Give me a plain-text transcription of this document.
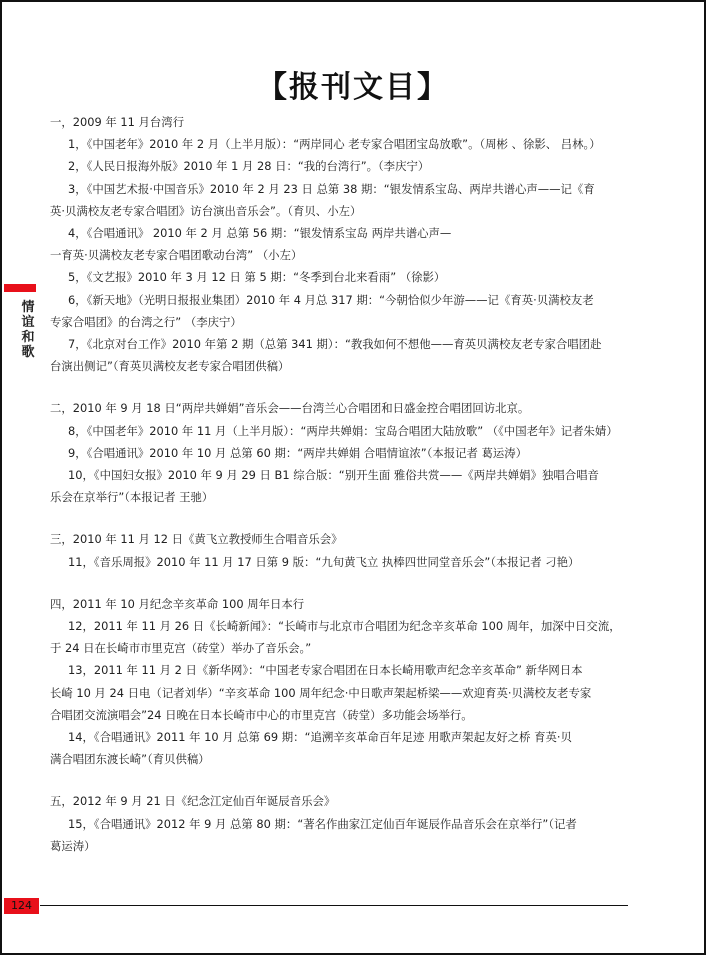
【报刊文目】
情谊和歌
一，2009 年 11 月台湾行
1，《中国老年》2010 年 2 月（上半月版）：“两岸同心 老专家合唱团宝岛放歌”。（周彬 、徐影、 吕林。）
2，《人民日报海外版》2010 年 1 月 28 日：“我的台湾行”。（李庆宁）
3，《中国艺术报·中国音乐》2010 年 2 月 23 日 总第 38 期：“银发情系宝岛、两岸共谱心声——记《育
英·贝满校友老专家合唱团》访台演出音乐会”。（育贝、小左）
4，《合唱通讯》 2010 年 2 月 总第 56 期：“银发情系宝岛 两岸共谱心声—
一育英·贝满校友老专家合唱团歌动台湾” （小左）
5，《文艺报》2010 年 3 月 12 日 第 5 期：“冬季到台北来看雨” （徐影）
6，《新天地》（光明日报报业集团）2010 年 4 月总 317 期：“今朝恰似少年游——记《育英·贝满校友老
专家合唱团》的台湾之行” （李庆宁）
7，《北京对台工作》2010 年第 2 期（总第 341 期）：“教我如何不想他——育英贝满校友老专家合唱团赴
台演出侧记”（育英贝满校友老专家合唱团供稿）
二，2010 年 9 月 18 日“两岸共婵娟”音乐会——台湾兰心合唱团和日盛金控合唱团回访北京。
8，《中国老年》2010 年 11 月（上半月版）：“两岸共婵娟：宝岛合唱团大陆放歌” （《中国老年》记者朱婧）
9，《合唱通讯》2010 年 10 月 总第 60 期：“两岸共婵娟 合唱情谊浓”（本报记者 葛运涛）
10，《中国妇女报》2010 年 9 月 29 日 B1 综合版：“别开生面 雅俗共赏——《两岸共婵娟》独唱合唱音
乐会在京举行”（本报记者 王驰）
三，2010 年 11 月 12 日《黄飞立教授师生合唱音乐会》
11，《音乐周报》2010 年 11 月 17 日第 9 版：“九旬黄飞立 执棒四世同堂音乐会”（本报记者 刁艳）
四，2011 年 10 月纪念辛亥革命 100 周年日本行
12，2011 年 11 月 26 日《长崎新闻》：“长崎市与北京市合唱团为纪念辛亥革命 100 周年，加深中日交流，
于 24 日在长崎市市里克宫（砖堂）举办了音乐会。”
13，2011 年 11 月 2 日《新华网》：“中国老专家合唱团在日本长崎用歌声纪念辛亥革命” 新华网日本
长崎 10 月 24 日电（记者刘华）“辛亥革命 100 周年纪念·中日歌声架起桥梁——欢迎育英·贝满校友老专家
合唱团交流演唱会”24 日晚在日本长崎市中心的市里克宫（砖堂）多功能会场举行。
14，《合唱通讯》2011 年 10 月 总第 69 期：“追溯辛亥革命百年足迹 用歌声架起友好之桥 育英·贝
满合唱团东渡长崎”（育贝供稿）
五，2012 年 9 月 21 日《纪念江定仙百年诞辰音乐会》
15，《合唱通讯》2012 年 9 月 总第 80 期：“著名作曲家江定仙百年诞辰作品音乐会在京举行”（记者
葛运涛）
124
